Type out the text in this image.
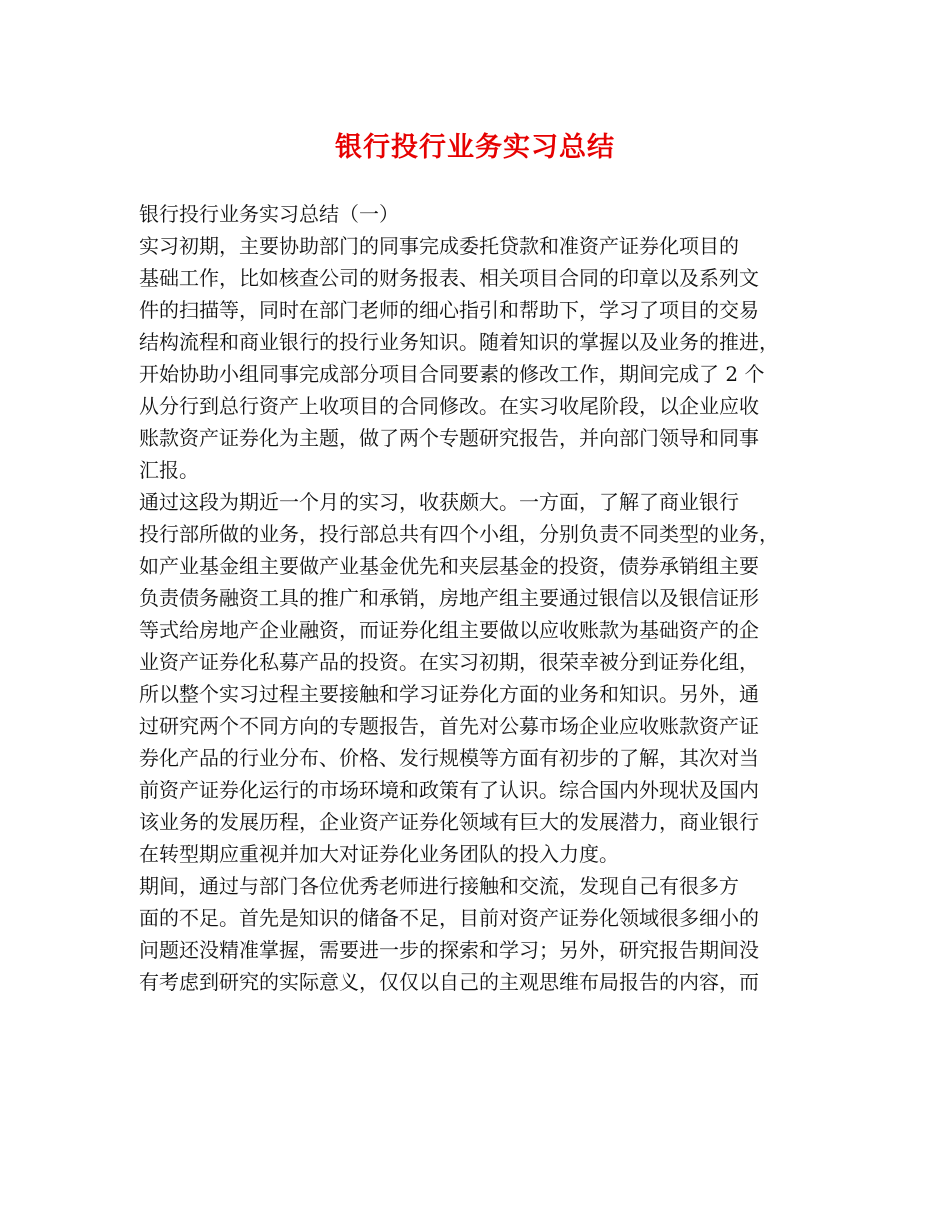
银行投行业务实习总结
银行投行业务实习总结（一）
实习初期，主要协助部门的同事完成委托贷款和准资产证券化项目的
基础工作，比如核查公司的财务报表、相关项目合同的印章以及系列文
件的扫描等，同时在部门老师的细心指引和帮助下，学习了项目的交易
结构流程和商业银行的投行业务知识。随着知识的掌握以及业务的推进，
开始协助小组同事完成部分项目合同要素的修改工作，期间完成了 2 个
从分行到总行资产上收项目的合同修改。在实习收尾阶段，以企业应收
账款资产证券化为主题，做了两个专题研究报告，并向部门领导和同事
汇报。
通过这段为期近一个月的实习，收获颇大。一方面，了解了商业银行
投行部所做的业务，投行部总共有四个小组，分别负责不同类型的业务，
如产业基金组主要做产业基金优先和夹层基金的投资，债券承销组主要
负责债务融资工具的推广和承销，房地产组主要通过银信以及银信证形
等式给房地产企业融资，而证券化组主要做以应收账款为基础资产的企
业资产证券化私募产品的投资。在实习初期，很荣幸被分到证券化组，
所以整个实习过程主要接触和学习证券化方面的业务和知识。另外，通
过研究两个不同方向的专题报告，首先对公募市场企业应收账款资产证
券化产品的行业分布、价格、发行规模等方面有初步的了解，其次对当
前资产证券化运行的市场环境和政策有了认识。综合国内外现状及国内
该业务的发展历程，企业资产证券化领域有巨大的发展潜力，商业银行
在转型期应重视并加大对证券化业务团队的投入力度。
期间，通过与部门各位优秀老师进行接触和交流，发现自己有很多方
面的不足。首先是知识的储备不足，目前对资产证券化领域很多细小的
问题还没精准掌握，需要进一步的探索和学习；另外，研究报告期间没
有考虑到研究的实际意义，仅仅以自己的主观思维布局报告的内容，而
